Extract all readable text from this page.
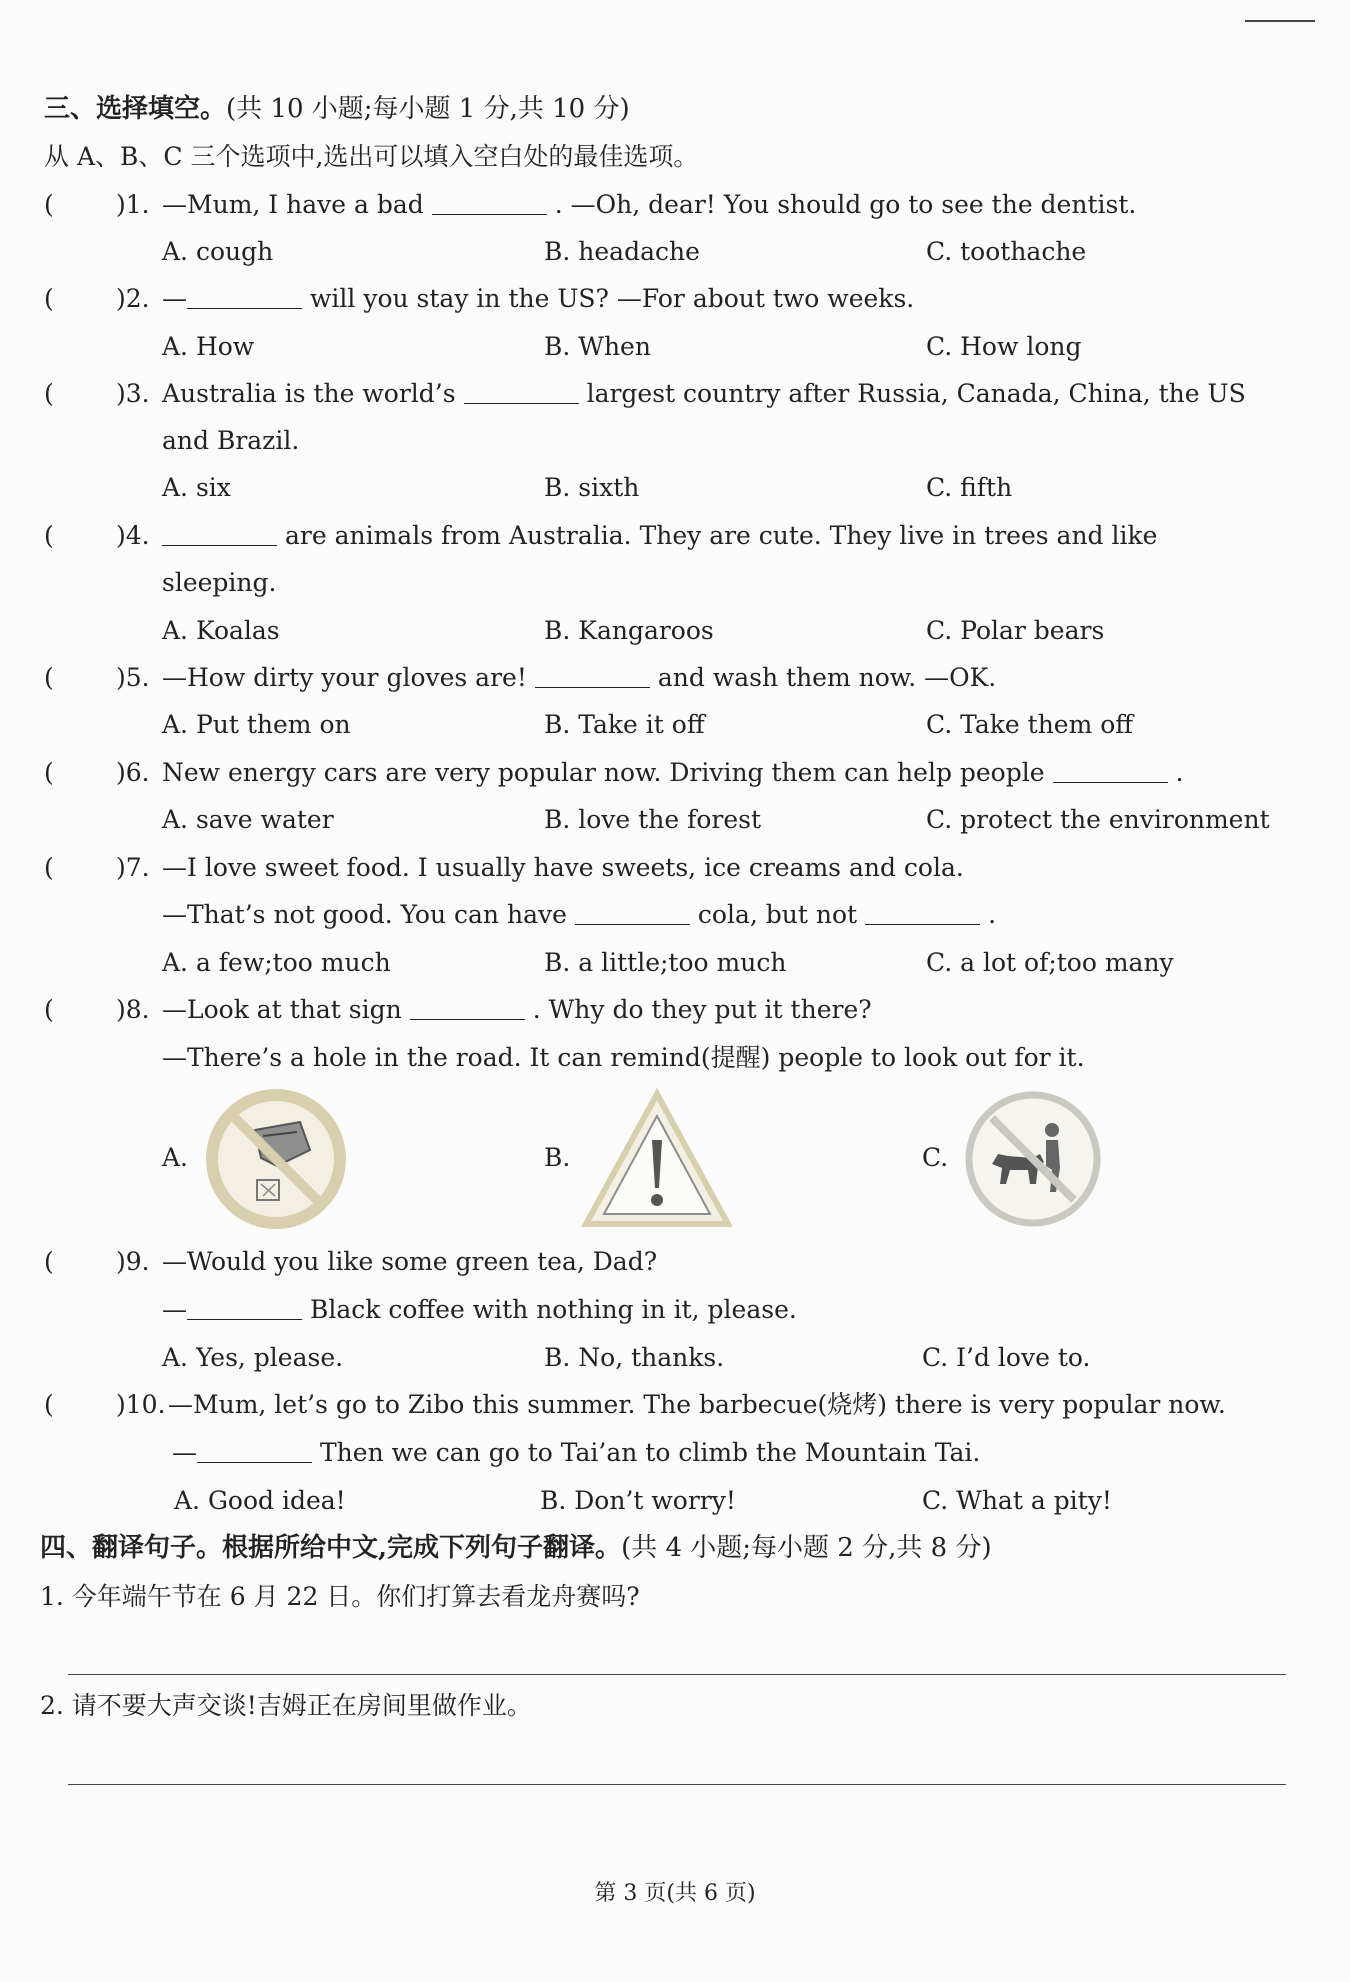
三、选择填空。(共 10 小题;每小题 1 分,共 10 分)
从 A、B、C 三个选项中,选出可以填入空白处的最佳选项。
( )1. —Mum, I have a bad	. —Oh, dear! You should go to see the dentist.
A. cough	B. headache	C. toothache
( )2. —	will you stay in the US? —For about two weeks.
A. How	B. When	C. How long
( )3. Australia is the world’s	largest country after Russia, Canada, China, the US
and Brazil.
A. six	B. sixth	C. fifth
( )4.	are animals from Australia. They are cute. They live in trees and like
sleeping.
A. Koalas	B. Kangaroos	C. Polar bears
( )5. —How dirty your gloves are!	and wash them now. —OK.
A. Put them on	B. Take it off	C. Take them off
( )6. New energy cars are very popular now. Driving them can help people	.
A. save water	B. love the forest	C. protect the environment
( )7. —I love sweet food. I usually have sweets, ice creams and cola.
—That’s not good. You can have	cola, but not	.
A. a few;too much	B. a little;too much	C. a lot of;too many
( )8. —Look at that sign	. Why do they put it there?
—There’s a hole in the road. It can remind(提醒) people to look out for it.
A.	B.	C.
( )9. —Would you like some green tea, Dad?
—	Black coffee with nothing in it, please.
A. Yes, please.	B. No, thanks.	C. I’d love to.
( )10. —Mum, let’s go to Zibo this summer. The barbecue(烧烤) there is very popular now.
—	Then we can go to Tai’an to climb the Mountain Tai.
A. Good idea!	B. Don’t worry!	C. What a pity!
四、翻译句子。根据所给中文,完成下列句子翻译。(共 4 小题;每小题 2 分,共 8 分)
1. 今年端午节在 6 月 22 日。你们打算去看龙舟赛吗?
2. 请不要大声交谈!吉姆正在房间里做作业。
第 3 页(共 6 页)
